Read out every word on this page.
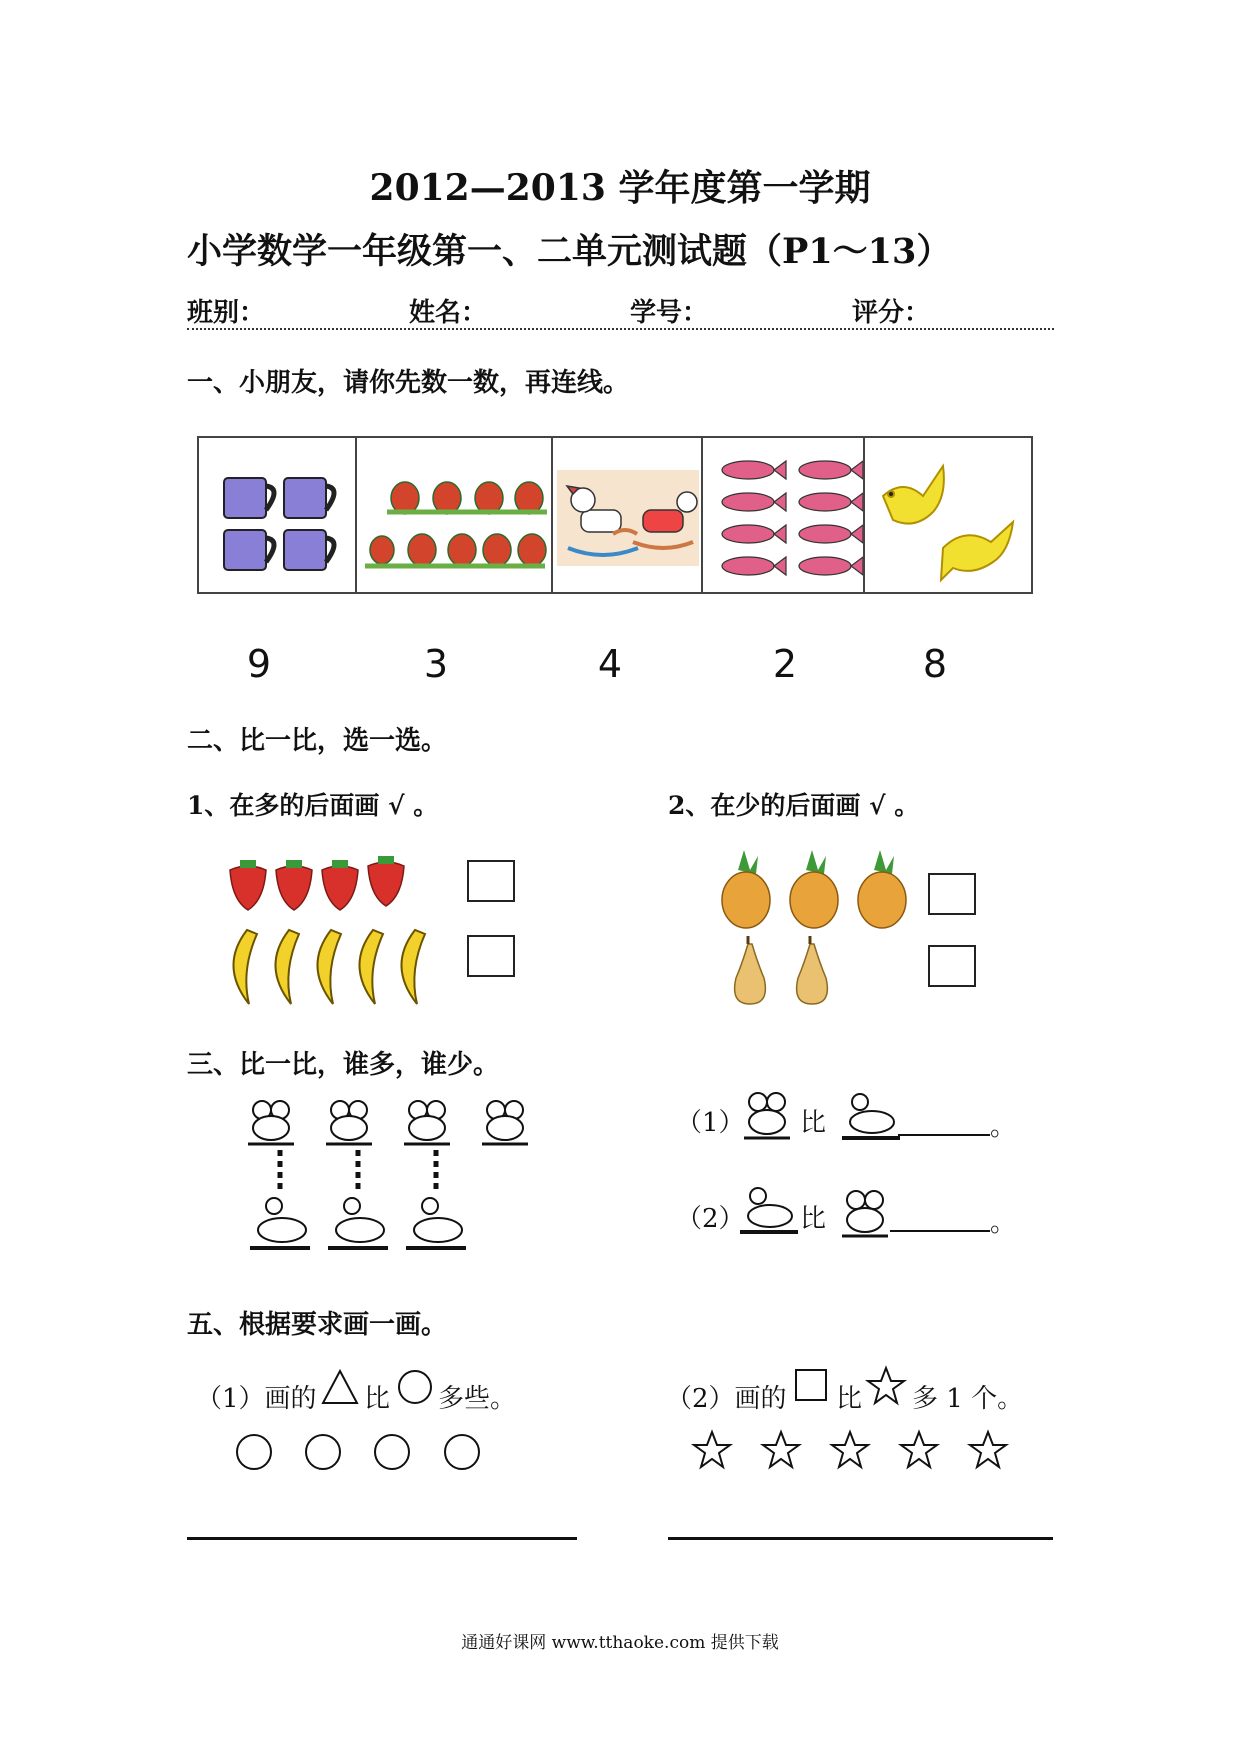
2012—2013 学年度第一学期
小学数学一年级第一、二单元测试题（P1～13）
班别：	姓名：	学号：	评分：
一、小朋友，请你先数一数，再连线。
9	3	4	2	8
二、比一比，选一选。
1、在多的后面画 √ 。	2、在少的后面画 √ 。
三、比一比，谁多，谁少。
（1） 比	。
（2） 比	。
五、根据要求画一画。
（1）画的 比 多些。	（2）画的 比 多 1 个。
通通好课网 www.tthaoke.com 提供下载
